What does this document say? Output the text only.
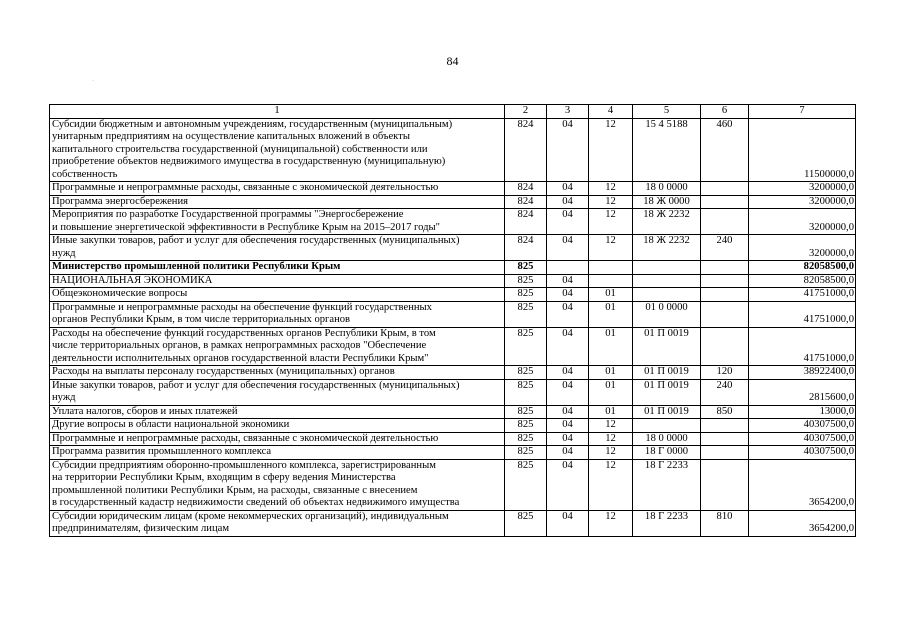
84
·
1	2	3	4	5	6	7
Субсидии бюджетным и автономным учреждениям, государственным (муниципальным)
унитарным предприятиям на осуществление капитальных вложений в объекты
капитального строительства государственной (муниципальной) собственности или
приобретение объектов недвижимого имущества в государственную (муниципальную)
собственность	824	04	12	15 4 5188	460	11500000,0
Программные и непрограммные расходы, связанные с экономической деятельностью	824	04	12	18 0 0000		3200000,0
Программа энергосбережения	824	04	12	18 Ж 0000		3200000,0
Мероприятия по разработке Государственной программы "Энергосбережение
и повышение энергетической эффективности в Республике Крым на 2015–2017 годы"	824	04	12	18 Ж 2232		3200000,0
Иные закупки товаров, работ и услуг для обеспечения государственных (муниципальных)
нужд	824	04	12	18 Ж 2232	240	3200000,0
Министерство промышленной политики Республики Крым	825					82058500,0
НАЦИОНАЛЬНАЯ ЭКОНОМИКА	825	04				82058500,0
Общеэкономические вопросы	825	04	01			41751000,0
Программные и непрограммные расходы на обеспечение функций государственных
органов Республики Крым, в том числе территориальных органов	825	04	01	01 0 0000		41751000,0
Расходы на обеспечение функций государственных органов Республики Крым, в том
числе территориальных органов, в рамках непрограммных расходов "Обеспечение
деятельности исполнительных органов государственной власти Республики Крым"	825	04	01	01 П 0019		41751000,0
Расходы на выплаты персоналу государственных (муниципальных) органов	825	04	01	01 П 0019	120	38922400,0
Иные закупки товаров, работ и услуг для обеспечения государственных (муниципальных)
нужд	825	04	01	01 П 0019	240	2815600,0
Уплата налогов, сборов и иных платежей	825	04	01	01 П 0019	850	13000,0
Другие вопросы в области национальной экономики	825	04	12			40307500,0
Программные и непрограммные расходы, связанные с экономической деятельностью	825	04	12	18 0 0000		40307500,0
Программа развития промышленного комплекса	825	04	12	18 Г 0000		40307500,0
Субсидии предприятиям оборонно-промышленного комплекса, зарегистрированным
на территории Республики Крым, входящим в сферу ведения Министерства
промышленной политики Республики Крым, на расходы, связанные с внесением
в государственный кадастр недвижимости сведений об объектах недвижимого имущества	825	04	12	18 Г 2233		3654200,0
Субсидии юридическим лицам (кроме некоммерческих организаций), индивидуальным
предпринимателям, физическим лицам	825	04	12	18 Г 2233	810	3654200,0
